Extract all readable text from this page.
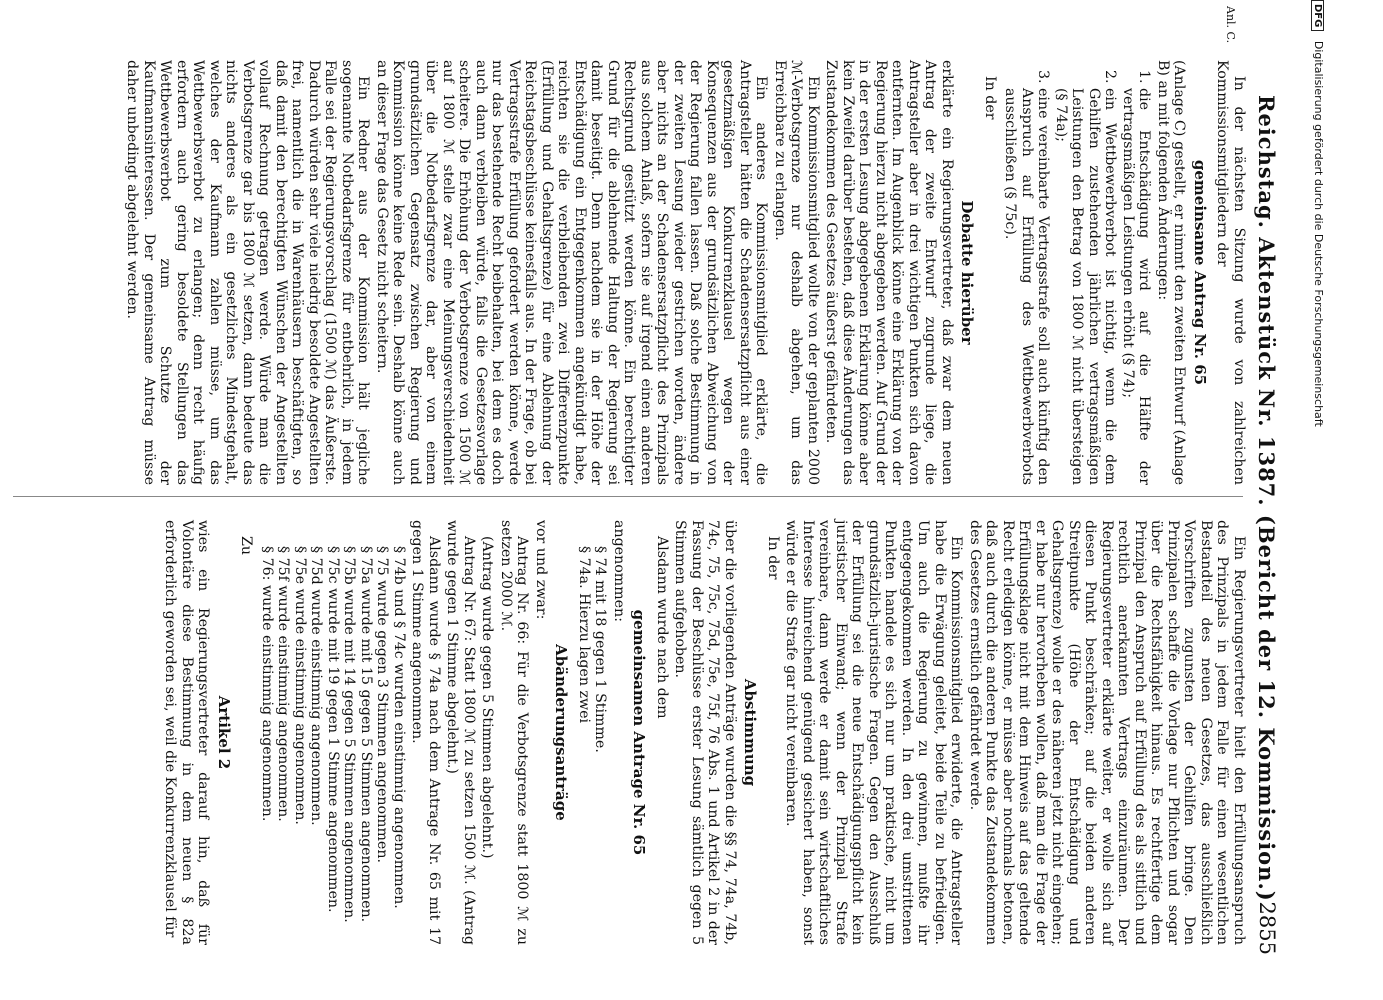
Reichstag. Aktenstück Nr. 1387. (Bericht der 12. Kommission.)
2855
Anl. C.

In der nächsten Sitzung wurde von zahlreichen Kommissionsmitgliedern der

gemeinsame Antrag Nr. 65

(Anlage C) gestellt, er nimmt den zweiten Entwurf (Anlage B) an mit folgenden Änderungen:

1. die Entschädigung wird auf die Hälfte der vertragsmäßigen Leistungen erhöht (§ 74);
2. ein Wettbewerbverbot ist nichtig, wenn die dem Gehilfen zustehenden jährlichen vertragsmäßigen Leistungen den Betrag von 1800 ℳ nicht übersteigen (§ 74a);
3. eine vereinbarte Vertragsstrafe soll auch künftig den Anspruch auf Erfüllung des Wettbewerbverbots ausschließen (§ 75c).

In der

Debatte hierüber

erklärte ein Regierungsvertreter, daß zwar dem neuen Antrag der zweite Entwurf zugrunde liege, die Antragsteller aber in drei wichtigen Punkten sich davon entfernten. Im Augenblick könne eine Erklärung von der Regierung hierzu nicht abgegeben werden. Auf Grund der in der ersten Lesung abgegebenen Erklärung könne aber kein Zweifel darüber bestehen, daß diese Änderungen das Zustandekommen des Gesetzes äußerst gefährdeten.

Ein Kommissionsmitglied wollte von der geplanten 2000 ℳ-Verbotsgrenze nur deshalb abgehen, um das Erreichbare zu erlangen.

Ein anderes Kommissionsmitglied erklärte, die Antragsteller hätten die Schadensersatzpflicht aus einer gesetzmäßigen Konkurrenzklausel wegen der Konsequenzen aus der grundsätzlichen Abweichung von der Regierung fallen lassen. Daß solche Bestimmung in der zweiten Lesung wieder gestrichen worden, ändere aber nichts an der Schadensersatzpflicht des Prinzipals aus solchem Anlaß, sofern sie auf irgend einen anderen Rechtsgrund gestützt werden könne. Ein berechtigter Grund für die ablehnende Haltung der Regierung sei damit beseitigt. Denn nachdem sie in der Höhe der Entschädigung ein Entgegenkommen angekündigt habe, reichten sie die verbleibenden zwei Differenzpunkte (Erfüllung und Gehaltsgrenze) für eine Ablehnung der Reichstagsbeschlüsse keinesfalls aus. In der Frage, ob bei Vertragsstrafe Erfüllung gefordert werden könne, werde nur das bestehende Recht beibehalten, bei dem es doch auch dann verbleiben würde, falls die Gesetzesvorlage scheitere. Die Erhöhung der Verbotsgrenze von 1500 ℳ auf 1800 ℳ stelle zwar eine Meinungsverschiedenheit über die Notbedarfsgrenze dar, aber von einem grundsätzlichen Gegensatz zwischen Regierung und Kommission könne keine Rede sein. Deshalb könne auch an dieser Frage das Gesetz nicht scheitern.

Ein Redner aus der Kommission hält jegliche sogenannte Notbedarfsgrenze für entbehrlich, in jedem Falle sei der Regierungsvorschlag (1500 ℳ) das Äußerste. Dadurch würden sehr viele niedrig besoldete Angestellten frei, namentlich die in Warenhäusern beschäftigten, so daß damit den berechtigten Wünschen der Angestellten vollauf Rechnung getragen werde. Würde man die Verbotsgrenze gar bis 1800 ℳ setzen, dann bedeute das nichts anderes als ein gesetzliches Mindestgehalt, welches der Kaufmann zahlen müsse, um das Wettbewerbsverbot zu erlangen; denn recht häufig erfordern auch gering besoldete Stellungen das Wettbewerbsverbot zum Schutze der Kaufmannsinteressen. Der gemeinsame Antrag müsse daher unbedingt abgelehnt werden.

Ein Regierungsvertreter hielt den Erfüllungsanspruch des Prinzipals in jedem Falle für einen wesentlichen Bestandteil des neuen Gesetzes, das ausschließlich Vorschriften zugunsten der Gehilfen bringe. Den Prinzipalen schaffe die Vorlage nur Pflichten und sogar über die Rechtsfähigkeit hinaus. Es rechtfertige dem Prinzipal den Anspruch auf Erfüllung des als sittlich und rechtlich anerkannten Vertrags einzuräumen. Der Regierungsvertreter erklärte weiter, er wolle sich auf diesen Punkt beschränken; auf die beiden anderen Streitpunkte (Höhe der Entschädigung und Gehaltsgrenze) wolle er des näheren jetzt nicht eingehen; er habe nur hervorheben wollen, daß man die Frage der Erfüllungsklage nicht mit dem Hinweis auf das geltende Recht erledigen könne, er müsse aber nochmals betonen, daß auch durch die anderen Punkte das Zustandekommen des Gesetzes ernstlich gefährdet werde.

Ein Kommissionsmitglied erwiderte, die Antragsteller habe die Erwägung geleitet, beide Teile zu befriedigen. Um auch die Regierung zu gewinnen, mußte ihr entgegengekommen werden. In den drei umstrittenen Punkten handele es sich nur um praktische, nicht um grundsätzlich-juristische Fragen. Gegen den Ausschluß der Erfüllung sei die neue Entschädigungspflicht kein juristischer Einwand; wenn der Prinzipal Strafe vereinbare, dann werde er damit sein wirtschaftliches Interesse hinreichend genügend gesichert haben, sonst würde er die Strafe gar nicht vereinbaren.

In der

Abstimmung

über die vorliegenden Anträge wurden die §§ 74, 74a, 74b, 74c, 75, 75c, 75d, 75e, 75f, 76 Abs. 1 und Artikel 2 in der Fassung der Beschlüsse erster Lesung sämtlich gegen 5 Stimmen aufgehoben.

Alsdann wurde nach dem

gemeinsamen Antrage Nr. 65

angenommen:

§ 74 mit 18 gegen 1 Stimme.
§ 74a. Hierzu lagen zwei

Abänderungsanträge

vor und zwar:

Antrag Nr. 66: Für die Verbotsgrenze statt 1800 ℳ zu setzen 2000 ℳ.

(Antrag wurde gegen 5 Stimmen abgelehnt.)

Antrag Nr. 67: Statt 1800 ℳ zu setzen 1500 ℳ. (Antrag wurde gegen 1 Stimme abgelehnt.)

Alsdann wurde § 74a nach dem Antrage Nr. 65 mit 17 gegen 1 Stimme angenommen.

§ 74b und § 74c wurden einstimmig angenommen.
§ 75 wurde gegen 3 Stimmen angenommen.
§ 75a wurde mit 15 gegen 5 Stimmen angenommen.
§ 75b wurde mit 14 gegen 5 Stimmen angenommen.
§ 75c wurde mit 19 gegen 1 Stimme angenommen.
§ 75d wurde einstimmig angenommen.
§ 75e wurde einstimmig angenommen.
§ 75f wurde einstimmig angenommen.
§ 76: wurde einstimmig angenommen.

Zu

Artikel 2

wies ein Regierungsvertreter darauf hin, daß für Volontäre diese Bestimmung in dem neuen § 82a erforderlich geworden sei, weil die Konkurrenzklausel für

DFG Digitalisierung gefördert durch die Deutsche Forschungsgemeinschaft
